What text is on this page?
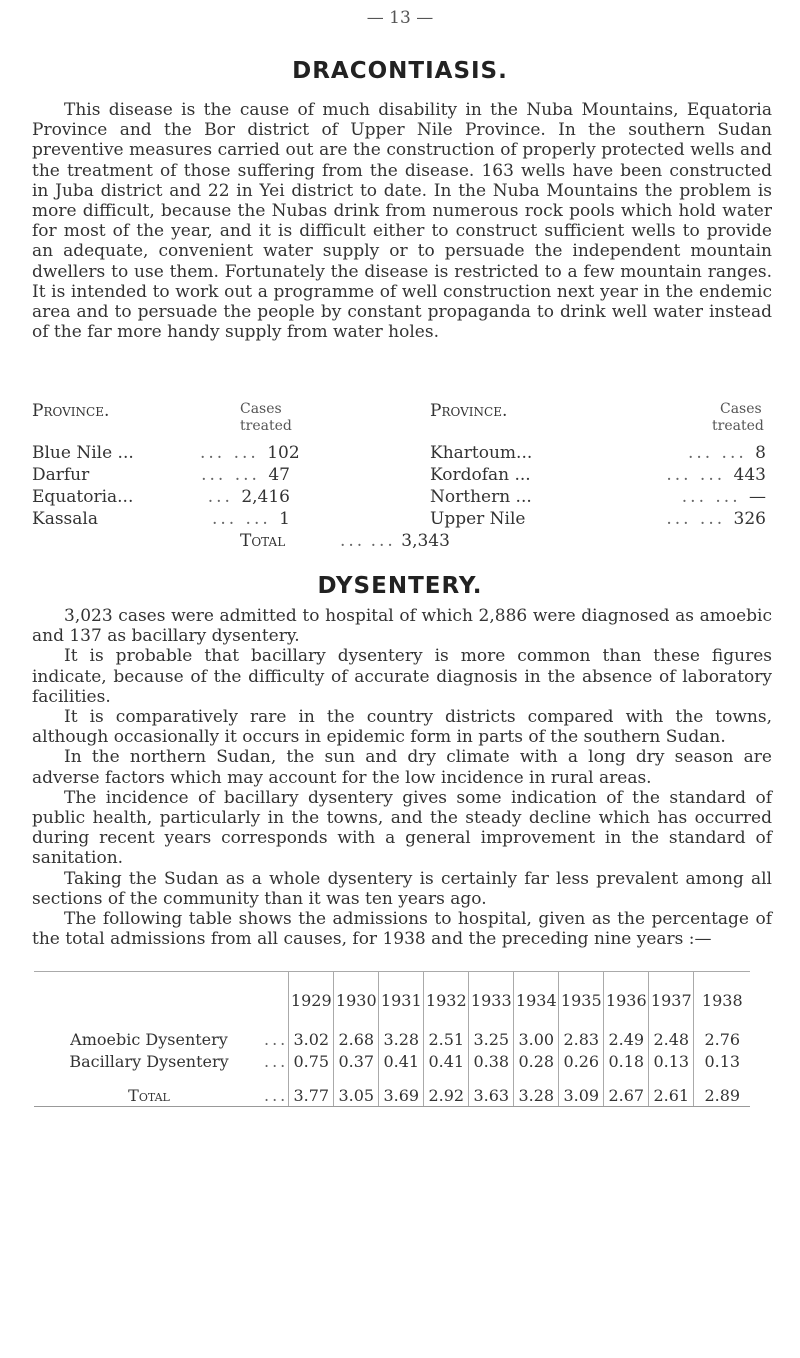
— 13 —
DRACONTIASIS.

This disease is the cause of much disability in the Nuba Mountains, Equatoria Province and the Bor district of Upper Nile Province. In the southern Sudan preventive measures carried out are the construction of properly protected wells and the treatment of those suffering from the disease. 163 wells have been constructed in Juba district and 22 in Yei district to date. In the Nuba Mountains the problem is more difficult, because the Nubas drink from numerous rock pools which hold water for most of the year, and it is difficult either to construct sufficient wells to provide an adequate, convenient water supply or to persuade the independent mountain dwellers to use them. Fortunately the disease is restricted to a few mountain ranges. It is intended to work out a programme of well construction next year in the endemic area and to persuade the people by constant propaganda to drink well water instead of the far more handy supply from water holes.

Province.	Cases
treated
Province.	Cases
treated
Blue Nile ...	... ... 102
Darfur	... ... 47
Equatoria...	... 2,416
Kassala	... ... 1
Khartoum...	... ... 8
Kordofan ...	... ... 443
Northern ...	... ... —
Upper Nile	... ... 326
Total	... ... 3,343
DYSENTERY.

3,023 cases were admitted to hospital of which 2,886 were diagnosed as amoebic and 137 as bacillary dysentery.

It is probable that bacillary dysentery is more common than these figures indicate, because of the difficulty of accurate diagnosis in the absence of laboratory facilities.

It is comparatively rare in the country districts compared with the towns, although occasionally it occurs in epidemic form in parts of the southern Sudan.

In the northern Sudan, the sun and dry climate with a long dry season are adverse factors which may account for the low incidence in rural areas.

The incidence of bacillary dysentery gives some indication of the standard of public health, particularly in the towns, and the steady decline which has occurred during recent years corresponds with a general improvement in the standard of sanitation.

Taking the Sudan as a whole dysentery is certainly far less prevalent among all sections of the community than it was ten years ago.

The following table shows the admissions to hospital, given as the percentage of the total admissions from all causes, for 1938 and the preceding nine years :—

		1929	1930	1931	1932	1933	1934	1935	1936	1937	1938
Amoebic Dysentery	...	3.02	2.68	3.28	2.51	3.25	3.00	2.83	2.49	2.48	2.76
Bacillary Dysentery	...	0.75	0.37	0.41	0.41	0.38	0.28	0.26	0.18	0.13	0.13

Total	...	3.77	3.05	3.69	2.92	3.63	3.28	3.09	2.67	2.61	2.89
